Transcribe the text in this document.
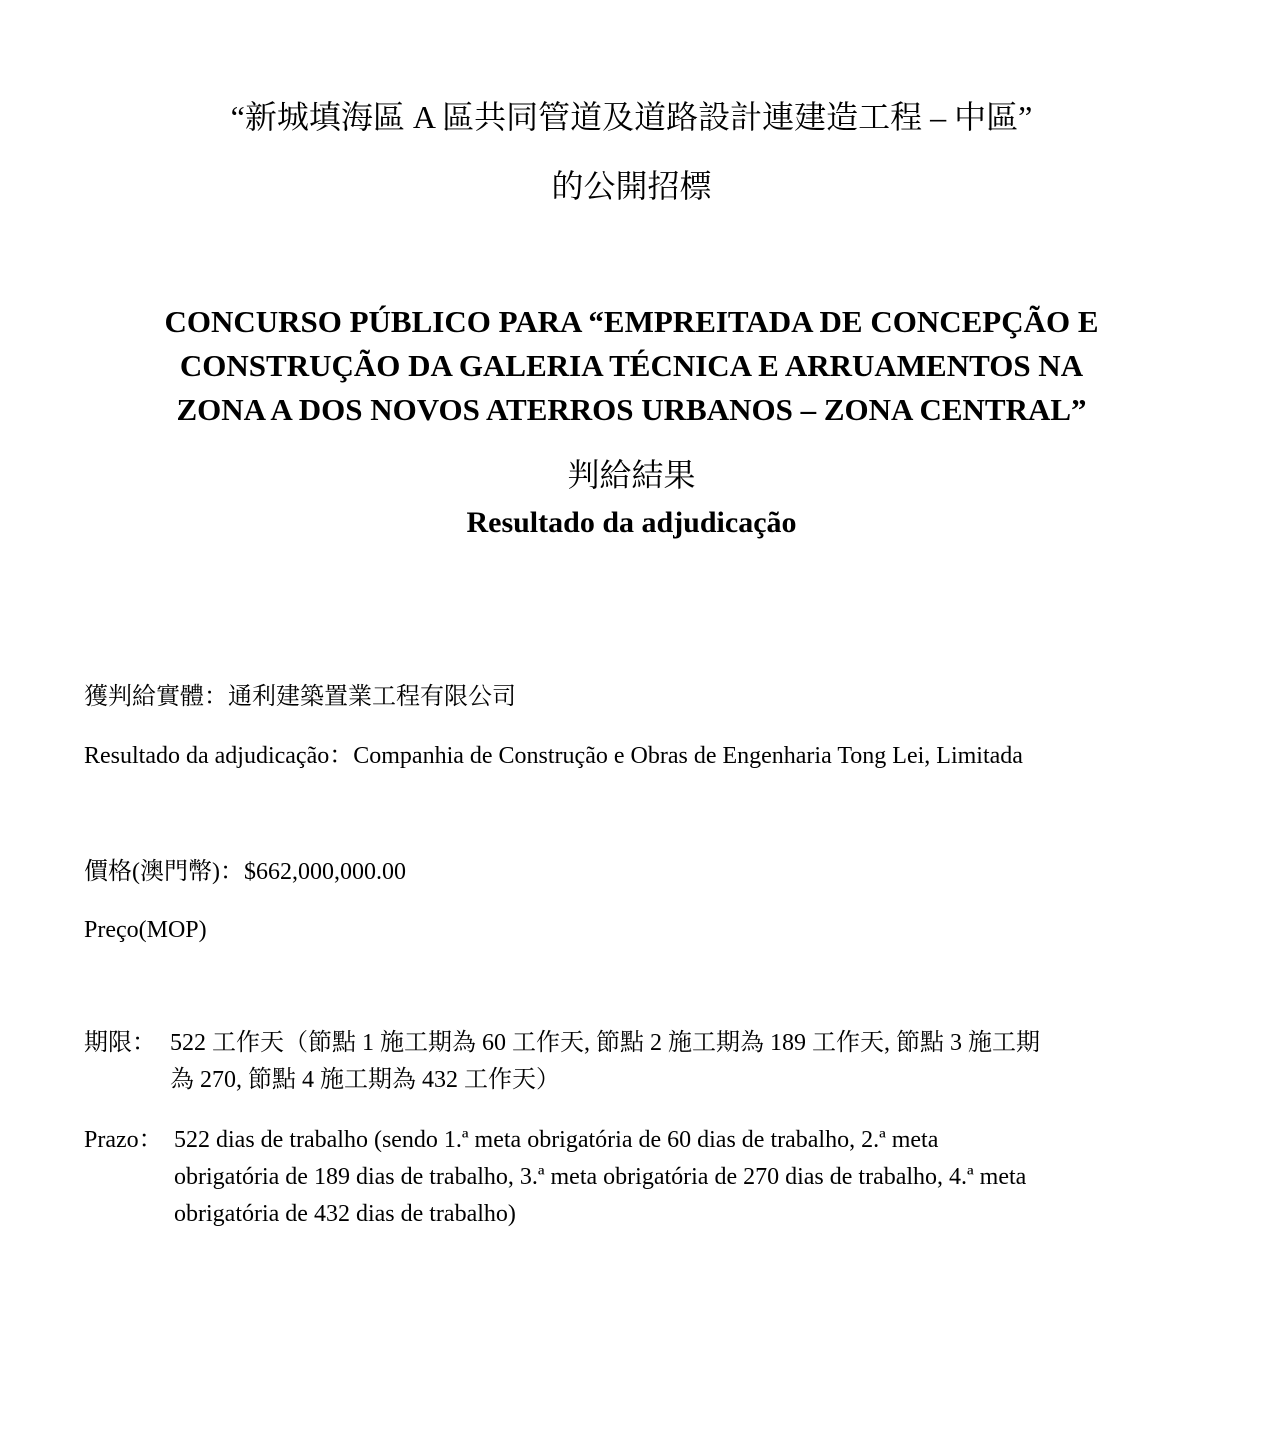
“新城填海區 A 區共同管道及道路設計連建造工程 – 中區”
的公開招標
CONCURSO PÚBLICO PARA “EMPREITADA DE CONCEPÇÃO E
CONSTRUÇÃO DA GALERIA TÉCNICA E ARRUAMENTOS NA
ZONA A DOS NOVOS ATERROS URBANOS – ZONA CENTRAL”
判給結果
Resultado da adjudicação
獲判給實體：通利建築置業工程有限公司
Resultado da adjudicação：Companhia de Construção e Obras de Engenharia Tong Lei, Limitada
價格(澳門幣)：$662,000,000.00
Preço(MOP)
期限： 522 工作天（節點 1 施工期為 60 工作天, 節點 2 施工期為 189 工作天, 節點 3 施工期
為 270, 節點 4 施工期為 432 工作天）
Prazo： 522 dias de trabalho (sendo 1.ª meta obrigatória de 60 dias de trabalho, 2.ª meta
obrigatória de 189 dias de trabalho, 3.ª meta obrigatória de 270 dias de trabalho, 4.ª meta
obrigatória de 432 dias de trabalho)
